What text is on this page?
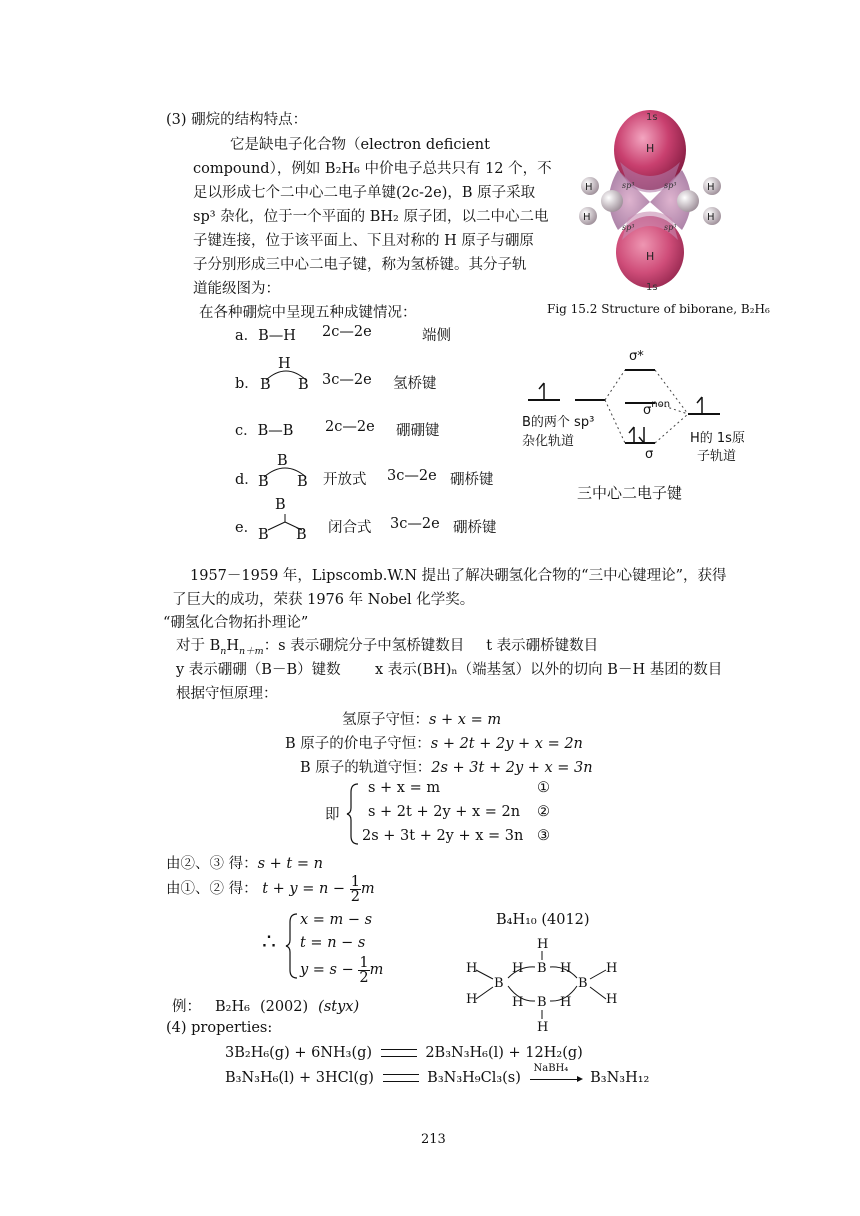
(3) 硼烷的结构特点：
它是缺电子化合物（electron deficient
compound），例如 B₂H₆ 中价电子总共只有 12 个，不
足以形成七个二中心二电子单键(2c-2e)，B 原子采取
sp³ 杂化，位于一个平面的 BH₂ 原子团，以二中心二电
子键连接，位于该平面上、下且对称的 H 原子与硼原
子分别形成三中心二电子键，称为氢桥键。其分子轨
道能级图为：
在各种硼烷中呈现五种成键情况：
1s
H
H
1s
H
H
H
H
sp³	sp³
sp³	sp³
Fig 15.2 Structure of biborane, B₂H₆
a．B—H 2c—2e	端侧
b．
H
B B 3c—2e 氢桥键
c．B—B 2c—2e 硼硼键
d．
B
B B 开放式 3c—2e 硼桥键
e．
B
B B 闭合式 3c—2e 硼桥键
σ*
$\sigma^{non}$
σ
B的两个 sp³
杂化轨道	H的 1s原
子轨道
三中心二电子键
1957－1959 年，Lipscomb.W.N 提出了解决硼氢化合物的“三中心键理论”，获得
了巨大的成功，荣获 1976 年 Nobel 化学奖。
“硼氢化合物拓扑理论”
对于 $B_nH_{n+m}$：s 表示硼烷分子中氢桥键数目 t 表示硼桥键数目
y 表示硼硼（B－B）键数 x 表示(BH)ₙ（端基氢）以外的切向 B－H 基团的数目
根据守恒原理：
氢原子守恒：s + x = m
B 原子的价电子守恒：s + 2t + 2y + x = 2n
B 原子的轨道守恒：2s + 3t + 2y + x = 3n
即
s + x = m
s + 2t + 2y + x = 2n
2s + 3t + 2y + x = 3n
①
②
③
由②、③ 得：s + t = n
由①、② 得： $t + y = n - \frac{1}{2}$ m
∴
x = m − s
t = n − s
$y = s - \frac{1}{2}$ m
B₄H₁₀ (4012)
H
B
H	H
B	B
H
H
H
H
B
H	H
H
例： B₂H₆ (2002) (styx)
(4) properties:
3B₂H₆(g) + 6NH₃(g)	2B₃N₃H₆(l) + 12H₂(g)
B₃N₃H₆(l) + 3HCl(g)	B₃N₃H₉Cl₃(s)
NaBH₄
B₃N₃H₁₂
213
